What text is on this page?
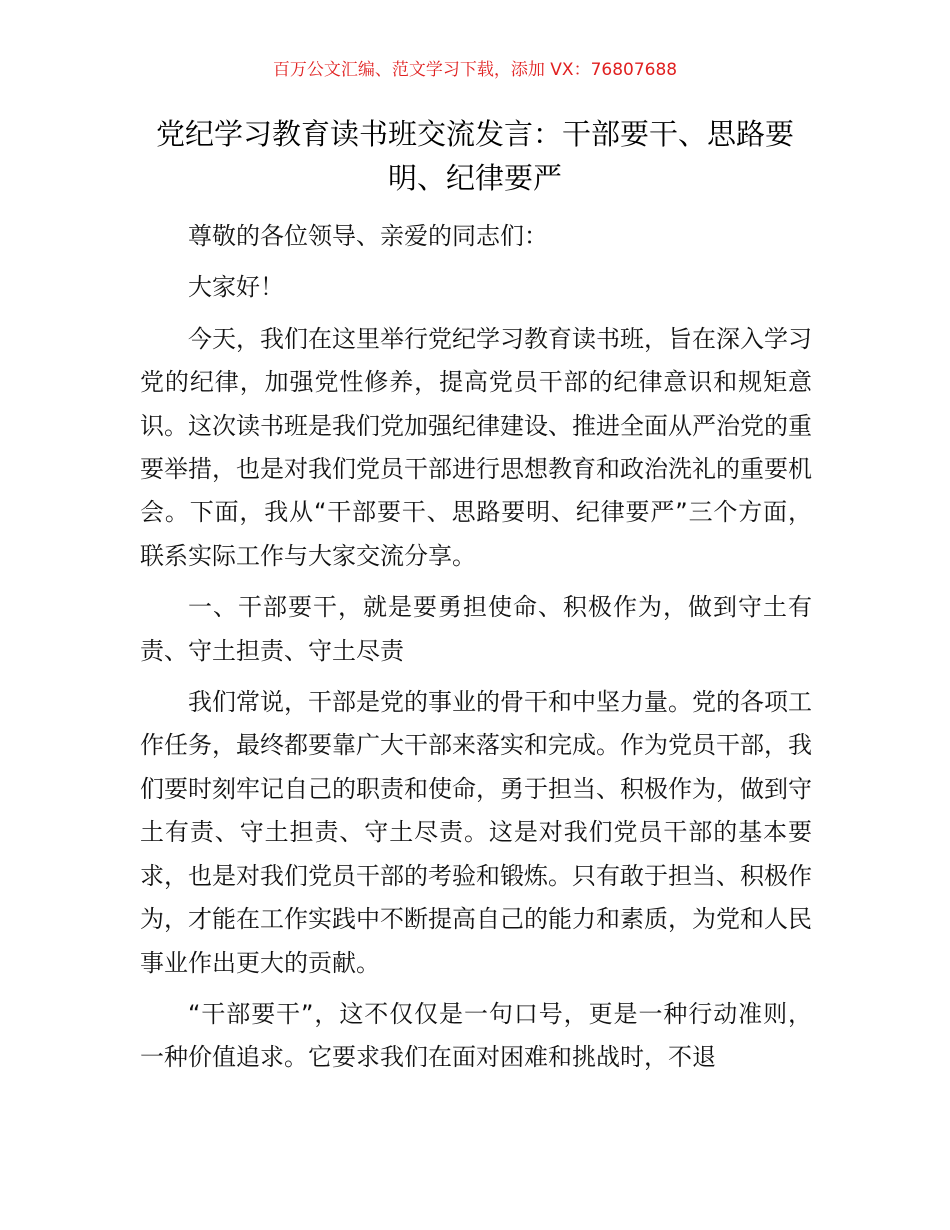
百万公文汇编、范文学习下载，添加 VX：76807688
党纪学习教育读书班交流发言：干部要干、思路要明、纪律要严

尊敬的各位领导、亲爱的同志们：

大家好！

今天，我们在这里举行党纪学习教育读书班，旨在深入学习党的纪律，加强党性修养，提高党员干部的纪律意识和规矩意识。这次读书班是我们党加强纪律建设、推进全面从严治党的重要举措，也是对我们党员干部进行思想教育和政治洗礼的重要机会。下面，我从“干部要干、思路要明、纪律要严”三个方面，联系实际工作与大家交流分享。

一、干部要干，就是要勇担使命、积极作为，做到守土有责、守土担责、守土尽责

我们常说，干部是党的事业的骨干和中坚力量。党的各项工作任务，最终都要靠广大干部来落实和完成。作为党员干部，我们要时刻牢记自己的职责和使命，勇于担当、积极作为，做到守土有责、守土担责、守土尽责。这是对我们党员干部的基本要求，也是对我们党员干部的考验和锻炼。只有敢于担当、积极作为，才能在工作实践中不断提高自己的能力和素质，为党和人民事业作出更大的贡献。

“干部要干”，这不仅仅是一句口号，更是一种行动准则，一种价值追求。它要求我们在面对困难和挑战时，不退
